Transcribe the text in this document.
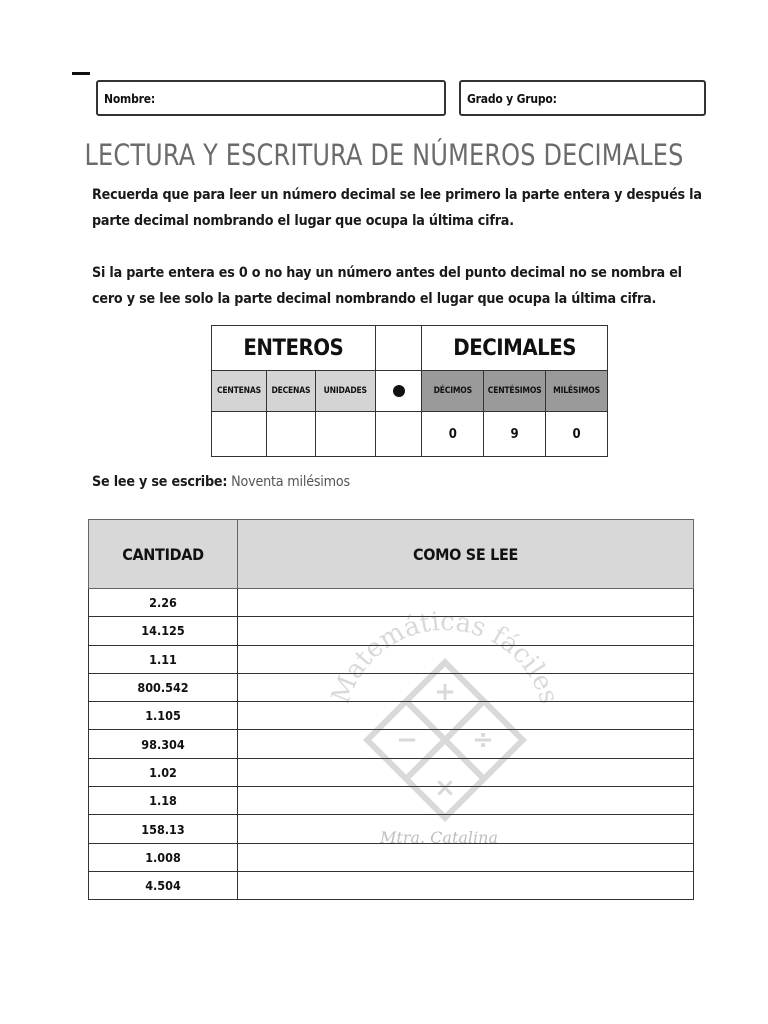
Nombre:	Grado y Grupo:
LECTURA Y ESCRITURA DE NÚMEROS DECIMALES

Recuerda que para leer un número decimal se lee primero la parte entera y después la parte decimal nombrando el lugar que ocupa la última cifra.

Si la parte entera es 0 o no hay un número antes del punto decimal no se nombra el cero y se lee solo la parte decimal nombrando el lugar que ocupa la última cifra.

ENTEROS				DECIMALES		
CENTENAS	DECENAS	UNIDADES		DÉCIMOS	CENTÉSIMOS	MILÉSIMOS
				0	9	0

Se lee y se escribe: Noventa milésimos

CANTIDAD	COMO SE LEE
2.26	
14.125	
1.11	
800.542	
1.105	
98.304	
1.02	
1.18	
158.13	
1.008	
4.504	
Matemáticas fáciles
+
− ÷
×
Mtra. Catalina
